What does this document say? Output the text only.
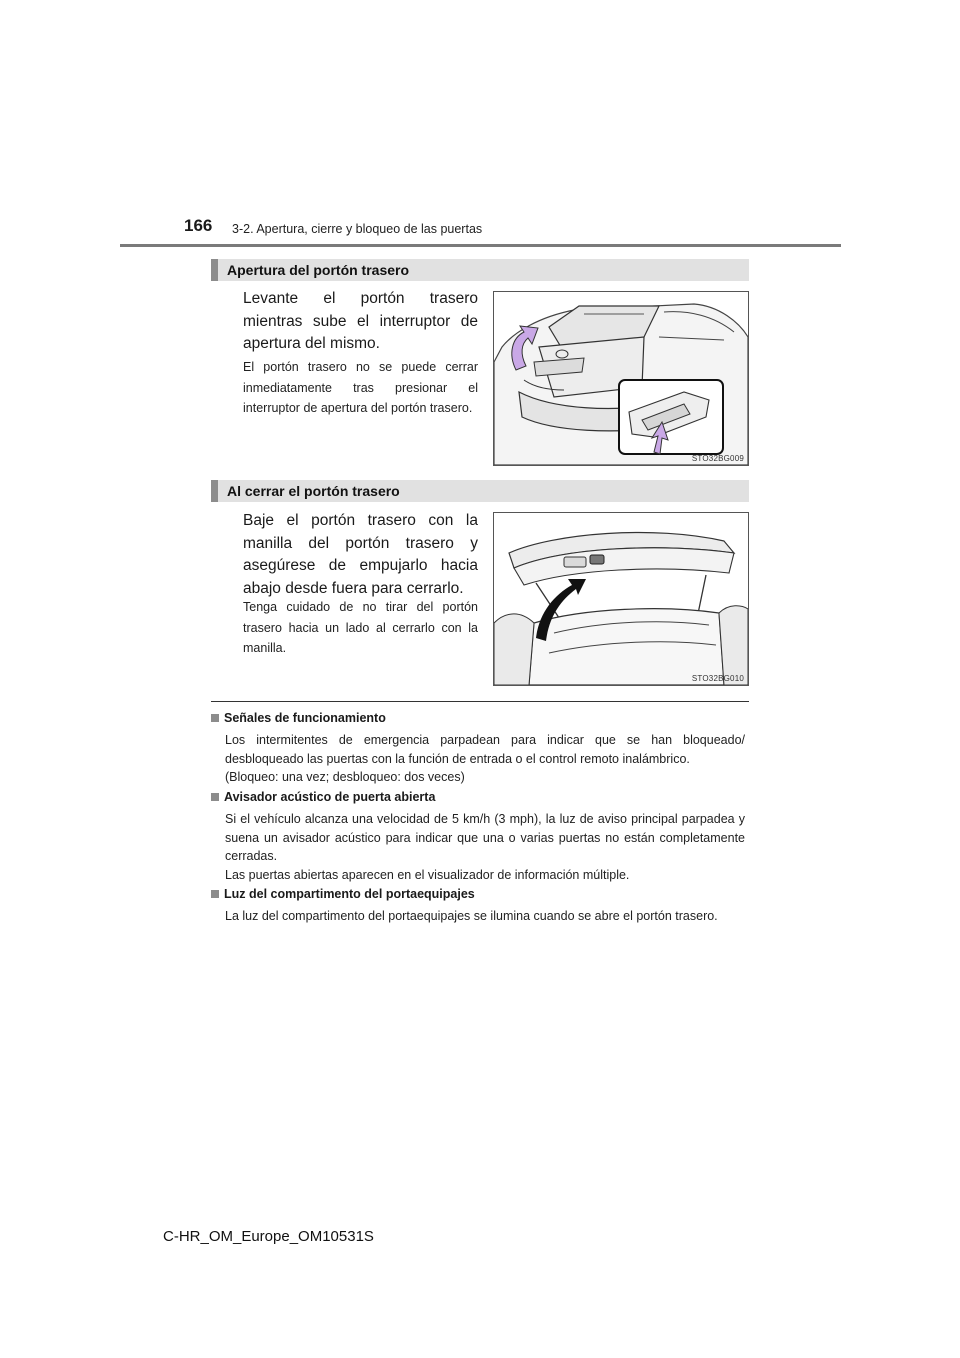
166 3-2. Apertura, cierre y bloqueo de las puertas
Apertura del portón trasero
Levante el portón trasero mientras sube el interruptor de apertura del mismo.
El portón trasero no se puede cerrar inmediatamente tras presionar el interruptor de apertura del portón trasero.
STO32BG009
Al cerrar el portón trasero
Baje el portón trasero con la manilla del portón trasero y asegúrese de empujarlo hacia abajo desde fuera para cerrarlo.
Tenga cuidado de no tirar del portón trasero hacia un lado al cerrarlo con la manilla.
STO32BG010
Señales de funcionamiento
Los intermitentes de emergencia parpadean para indicar que se han bloqueado/ desbloqueado las puertas con la función de entrada o el control remoto inalámbrico.
(Bloqueo: una vez; desbloqueo: dos veces)
Avisador acústico de puerta abierta
Si el vehículo alcanza una velocidad de 5 km/h (3 mph), la luz de aviso principal parpadea y suena un avisador acústico para indicar que una o varias puertas no están completamente cerradas.
Las puertas abiertas aparecen en el visualizador de información múltiple.
Luz del compartimento del portaequipajes
La luz del compartimento del portaequipajes se ilumina cuando se abre el portón trasero.
C-HR_OM_Europe_OM10531S
